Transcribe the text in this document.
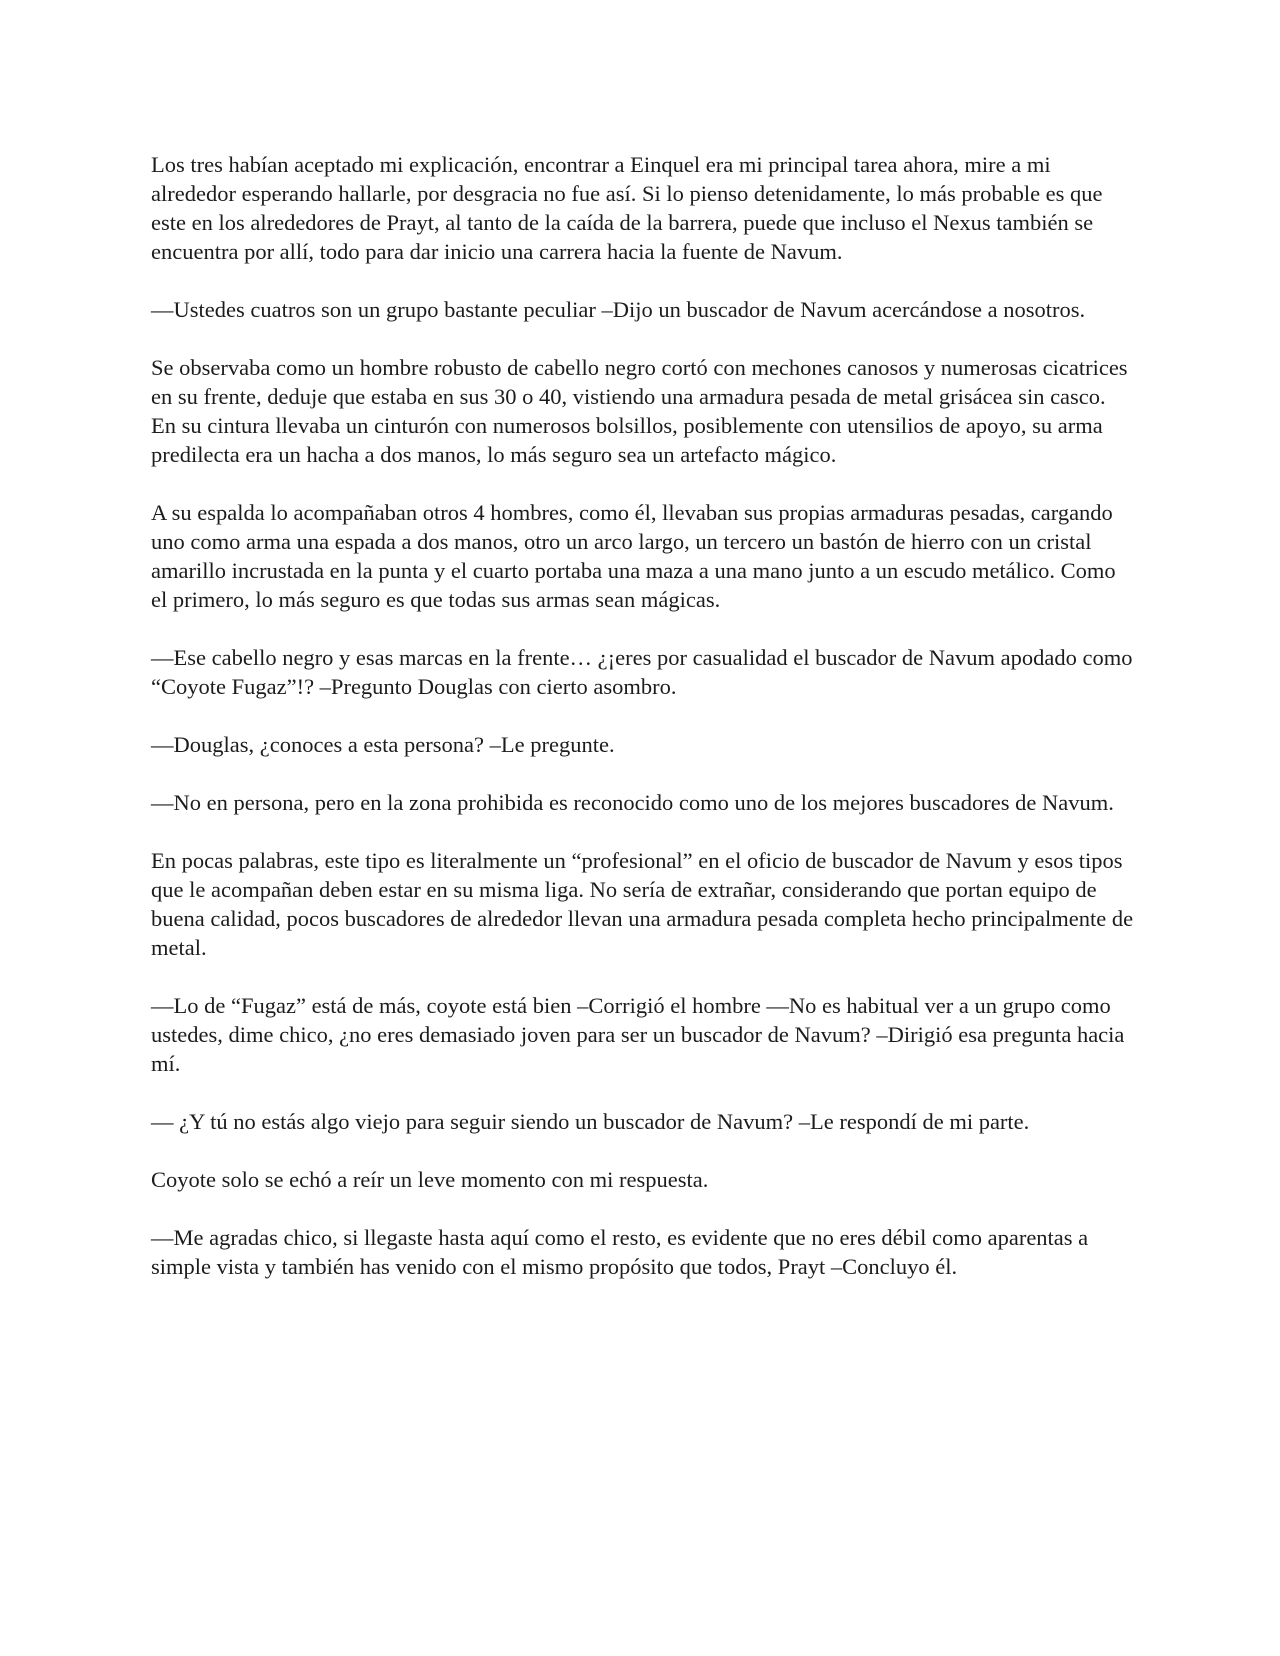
Los tres habían aceptado mi explicación, encontrar a Einquel era mi principal tarea ahora, mire a mi alrededor esperando hallarle, por desgracia no fue así. Si lo pienso detenidamente, lo más probable es que este en los alrededores de Prayt, al tanto de la caída de la barrera, puede que incluso el Nexus también se encuentra por allí, todo para dar inicio una carrera hacia la fuente de Navum.

—Ustedes cuatros son un grupo bastante peculiar –Dijo un buscador de Navum acercándose a nosotros.

Se observaba como un hombre robusto de cabello negro cortó con mechones canosos y numerosas cicatrices en su frente, deduje que estaba en sus 30 o 40, vistiendo una armadura pesada de metal grisácea sin casco. En su cintura llevaba un cinturón con numerosos bolsillos, posiblemente con utensilios de apoyo, su arma predilecta era un hacha a dos manos, lo más seguro sea un artefacto mágico.

A su espalda lo acompañaban otros 4 hombres, como él, llevaban sus propias armaduras pesadas, cargando uno como arma una espada a dos manos, otro un arco largo, un tercero un bastón de hierro con un cristal amarillo incrustada en la punta y el cuarto portaba una maza a una mano junto a un escudo metálico. Como el primero, lo más seguro es que todas sus armas sean mágicas.

—Ese cabello negro y esas marcas en la frente… ¿¡eres por casualidad el buscador de Navum apodado como “Coyote Fugaz”!? –Pregunto Douglas con cierto asombro.

—Douglas, ¿conoces a esta persona? –Le pregunte.

—No en persona, pero en la zona prohibida es reconocido como uno de los mejores buscadores de Navum.

En pocas palabras, este tipo es literalmente un “profesional” en el oficio de buscador de Navum y esos tipos que le acompañan deben estar en su misma liga. No sería de extrañar, considerando que portan equipo de buena calidad, pocos buscadores de alrededor llevan una armadura pesada completa hecho principalmente de metal.

—Lo de “Fugaz” está de más, coyote está bien –Corrigió el hombre —No es habitual ver a un grupo como ustedes, dime chico, ¿no eres demasiado joven para ser un buscador de Navum? –Dirigió esa pregunta hacia mí.

— ¿Y tú no estás algo viejo para seguir siendo un buscador de Navum? –Le respondí de mi parte.

Coyote solo se echó a reír un leve momento con mi respuesta.

—Me agradas chico, si llegaste hasta aquí como el resto, es evidente que no eres débil como aparentas a simple vista y también has venido con el mismo propósito que todos, Prayt –Concluyo él.
